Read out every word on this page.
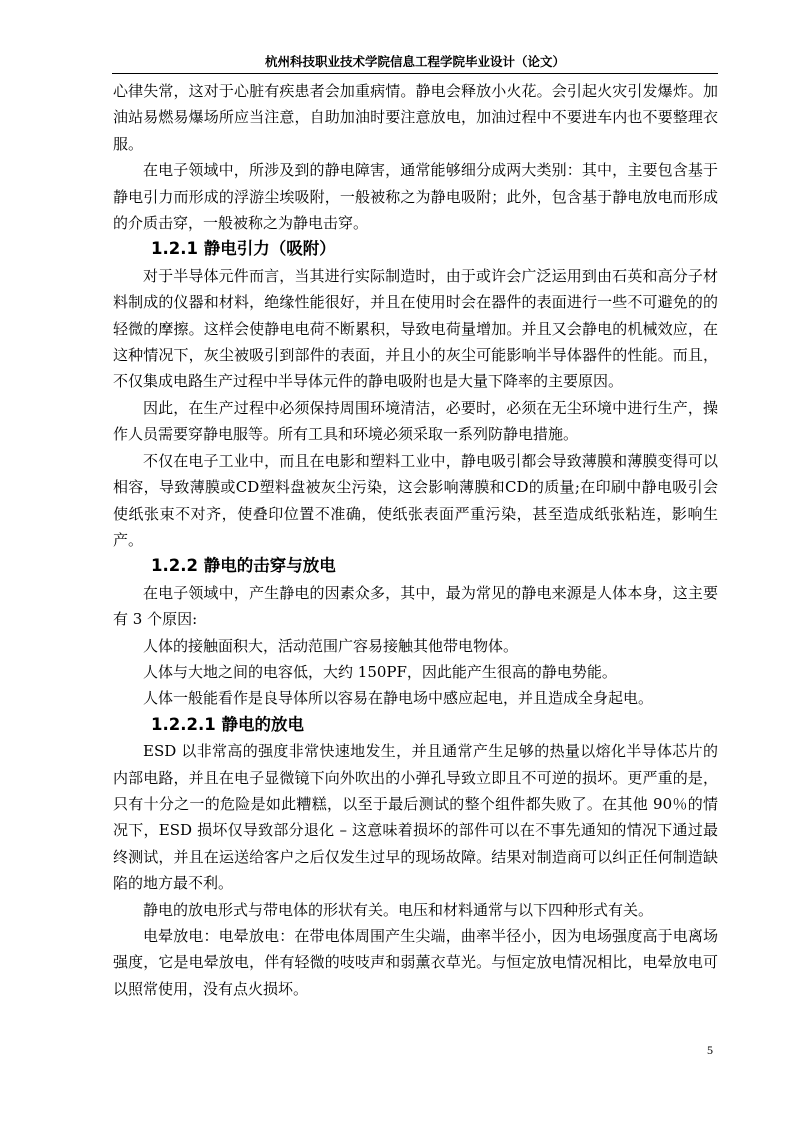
杭州科技职业技术学院信息工程学院毕业设计（论文）

心律失常，这对于心脏有疾患者会加重病情。静电会释放小火花。会引起火灾引发爆炸。加油站易燃易爆场所应当注意，自助加油时要注意放电，加油过程中不要进车内也不要整理衣服。

在电子领域中，所涉及到的静电障害，通常能够细分成两大类别：其中，主要包含基于静电引力而形成的浮游尘埃吸附，一般被称之为静电吸附；此外，包含基于静电放电而形成的介质击穿，一般被称之为静电击穿。

1.2.1 静电引力（吸附）

对于半导体元件而言，当其进行实际制造时，由于或许会广泛运用到由石英和高分子材料制成的仪器和材料，绝缘性能很好，并且在使用时会在器件的表面进行一些不可避免的的轻微的摩擦。这样会使静电电荷不断累积，导致电荷量增加。并且又会静电的机械效应，在这种情况下，灰尘被吸引到部件的表面，并且小的灰尘可能影响半导体器件的性能。而且，不仅集成电路生产过程中半导体元件的静电吸附也是大量下降率的主要原因。

因此，在生产过程中必须保持周围环境清洁，必要时，必须在无尘环境中进行生产，操作人员需要穿静电服等。所有工具和环境必须采取一系列防静电措施。

不仅在电子工业中，而且在电影和塑料工业中，静电吸引都会导致薄膜和薄膜变得可以相容，导致薄膜或CD塑料盘被灰尘污染，这会影响薄膜和CD的质量;在印刷中静电吸引会使纸张束不对齐，使叠印位置不准确，使纸张表面严重污染，甚至造成纸张粘连，影响生产。

1.2.2 静电的击穿与放电

在电子领域中，产生静电的因素众多，其中，最为常见的静电来源是人体本身，这主要有 3 个原因:

人体的接触面积大，活动范围广容易接触其他带电物体。

人体与大地之间的电容低，大约 150PF，因此能产生很高的静电势能。

人体一般能看作是良导体所以容易在静电场中感应起电，并且造成全身起电。

1.2.2.1 静电的放电

ESD 以非常高的强度非常快速地发生，并且通常产生足够的热量以熔化半导体芯片的内部电路，并且在电子显微镜下向外吹出的小弹孔导致立即且不可逆的损坏。更严重的是，只有十分之一的危险是如此糟糕，以至于最后测试的整个组件都失败了。在其他 90％的情况下，ESD 损坏仅导致部分退化 – 这意味着损坏的部件可以在不事先通知的情况下通过最终测试，并且在运送给客户之后仅发生过早的现场故障。结果对制造商可以纠正任何制造缺陷的地方最不利。

静电的放电形式与带电体的形状有关。电压和材料通常与以下四种形式有关。

电晕放电：电晕放电：在带电体周围产生尖端，曲率半径小，因为电场强度高于电离场强度，它是电晕放电，伴有轻微的吱吱声和弱薰衣草光。与恒定放电情况相比，电晕放电可以照常使用，没有点火损坏。

5
